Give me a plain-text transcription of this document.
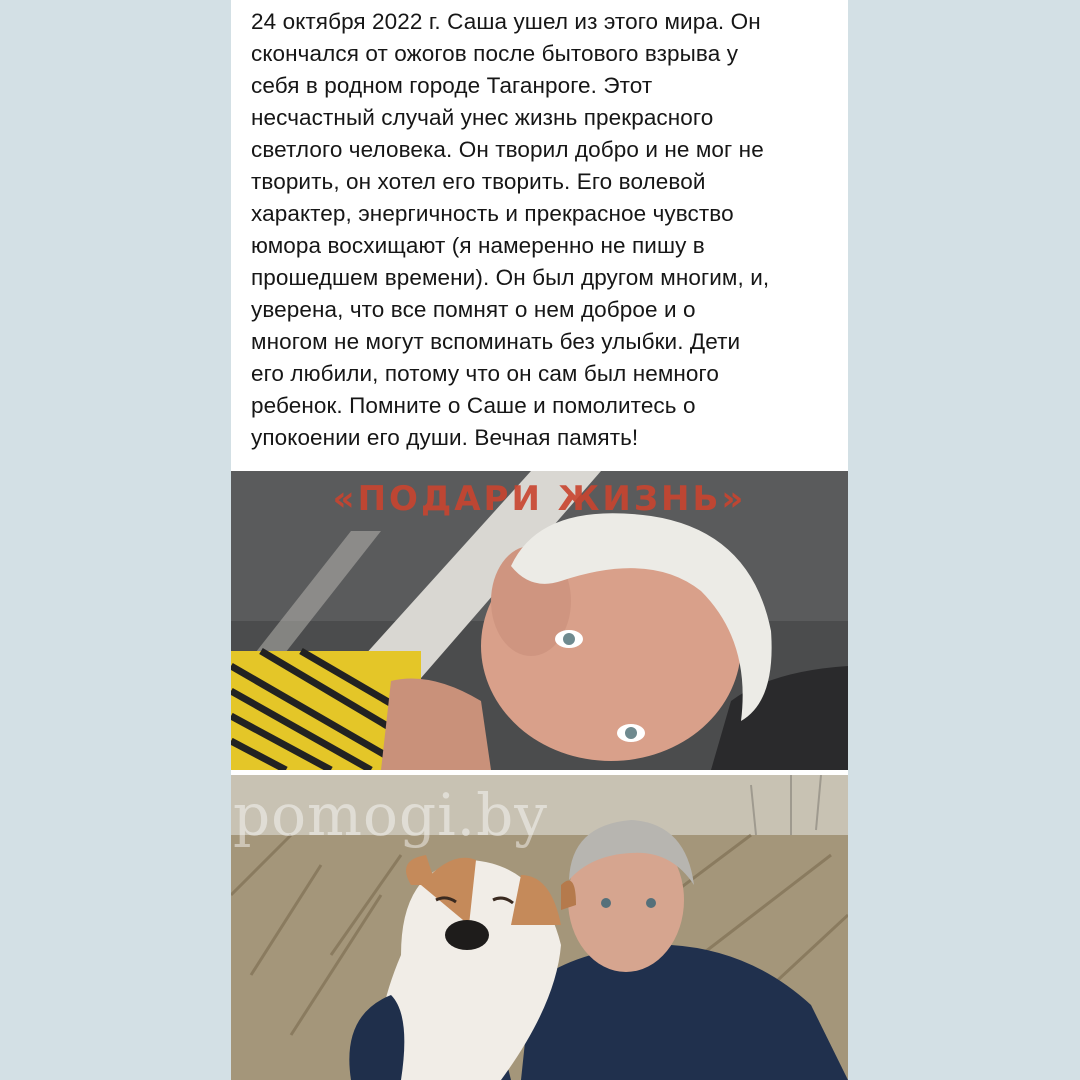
24 октября 2022 г. Саша ушел из этого мира. Он
скончался от ожогов после бытового взрыва у
себя в родном городе Таганроге. Этот
несчастный случай унес жизнь прекрасного
светлого человека. Он творил добро и не мог не
творить, он хотел его творить. Его волевой
характер, энергичность и прекрасное чувство
юмора восхищают (я намеренно не пишу в
прошедшем времени). Он был другом многим, и,
уверена, что все помнят о нем доброе и о
многом не могут вспоминать без улыбки. Дети
его любили, потому что он сам был немного
ребенок. Помните о Саше и помолитесь о
упокоении его души. Вечная память!
«ПОДАРИ ЖИЗНЬ»
pomogi.by
